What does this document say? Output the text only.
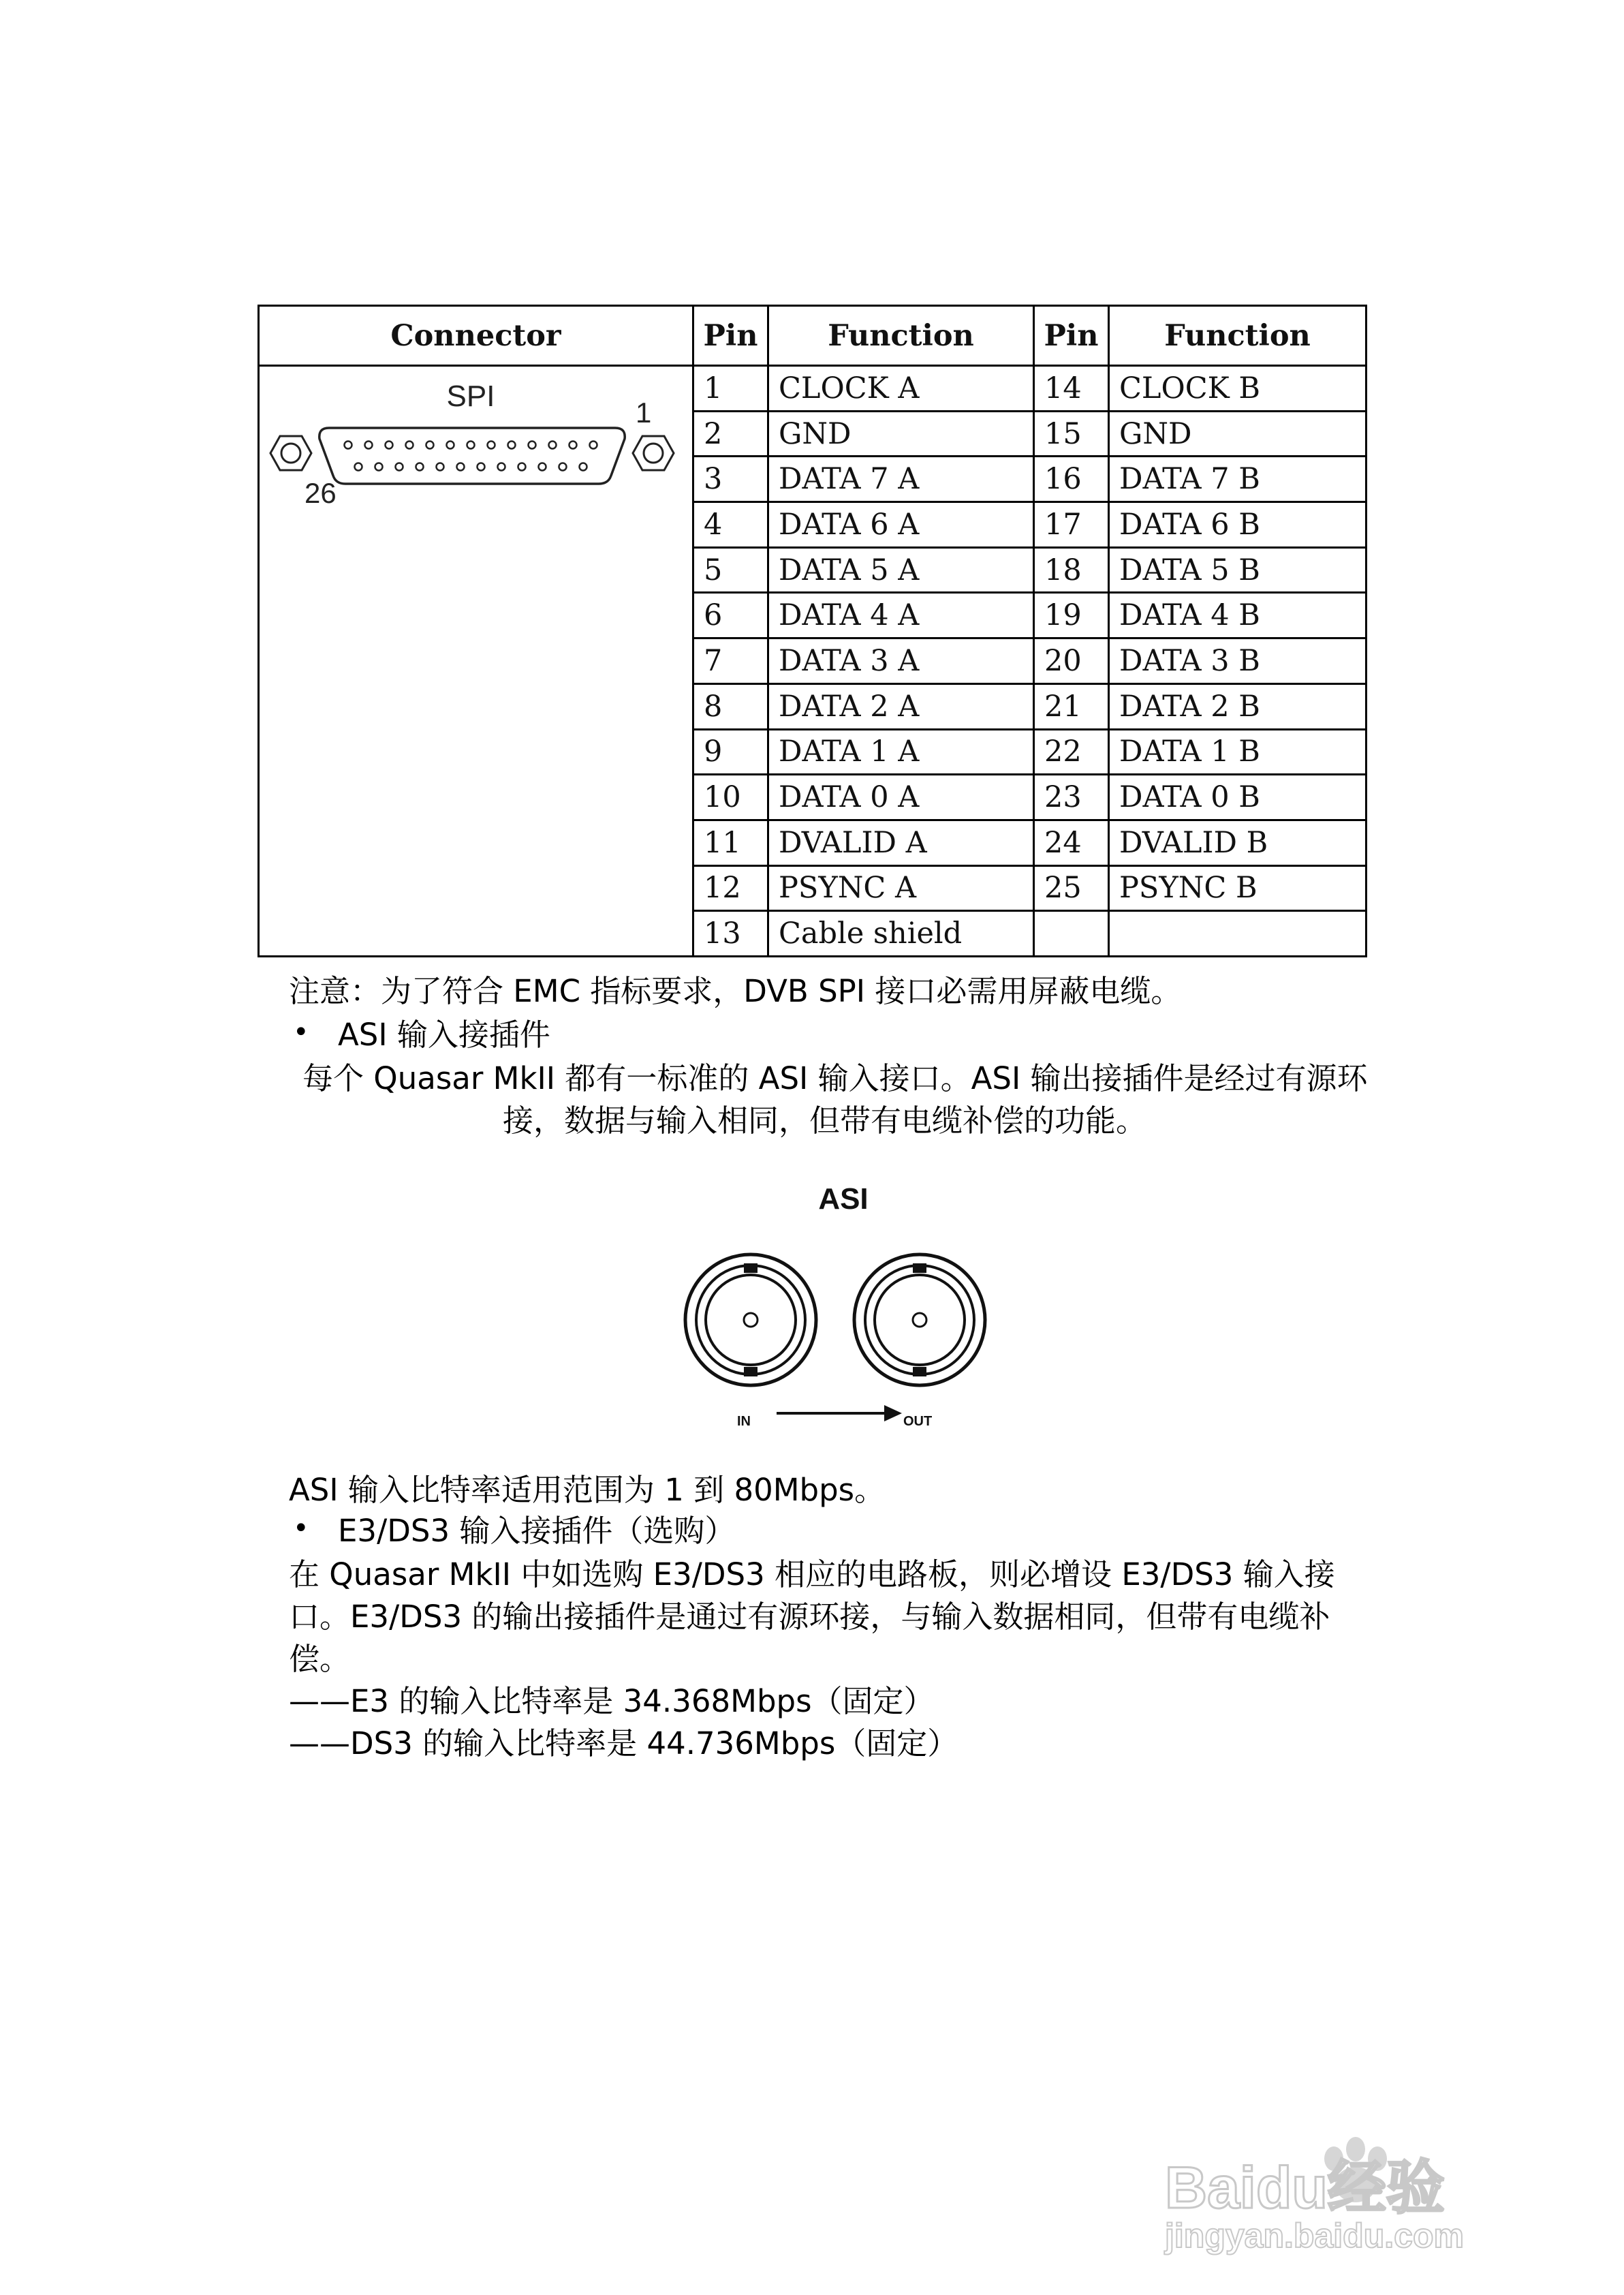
Connector	Pin	Function	Pin	Function

SPI 1
26	1	CLOCK A	14	CLOCK B
	2	GND	15	GND
	3	DATA 7 A	16	DATA 7 B
	4	DATA 6 A	17	DATA 6 B
	5	DATA 5 A	18	DATA 5 B
	6	DATA 4 A	19	DATA 4 B
	7	DATA 3 A	20	DATA 3 B
	8	DATA 2 A	21	DATA 2 B
	9	DATA 1 A	22	DATA 1 B
	10	DATA 0 A	23	DATA 0 B
	11	DVALID A	24	DVALID B
	12	PSYNC A	25	PSYNC B
	13	Cable shield		
注意：为了符合 EMC 指标要求，DVB SPI 接口必需用屏蔽电缆。
• ASI 输入接插件
每个 Quasar MkII 都有一标准的 ASI 输入接口。ASI 输出接插件是经过有源环
接，数据与输入相同，但带有电缆补偿的功能。
ASI
IN	OUT
ASI 输入比特率适用范围为 1 到 80Mbps。
• E3/DS3 输入接插件（选购）
在 Quasar MkII 中如选购 E3/DS3 相应的电路板，则必增设 E3/DS3 输入接
口。E3/DS3 的输出接插件是通过有源环接，与输入数据相同，但带有电缆补
偿。
——E3 的输入比特率是 34.368Mbps（固定）
——DS3 的输入比特率是 44.736Mbps（固定）
Baidu经验
jingyan.baidu.com
